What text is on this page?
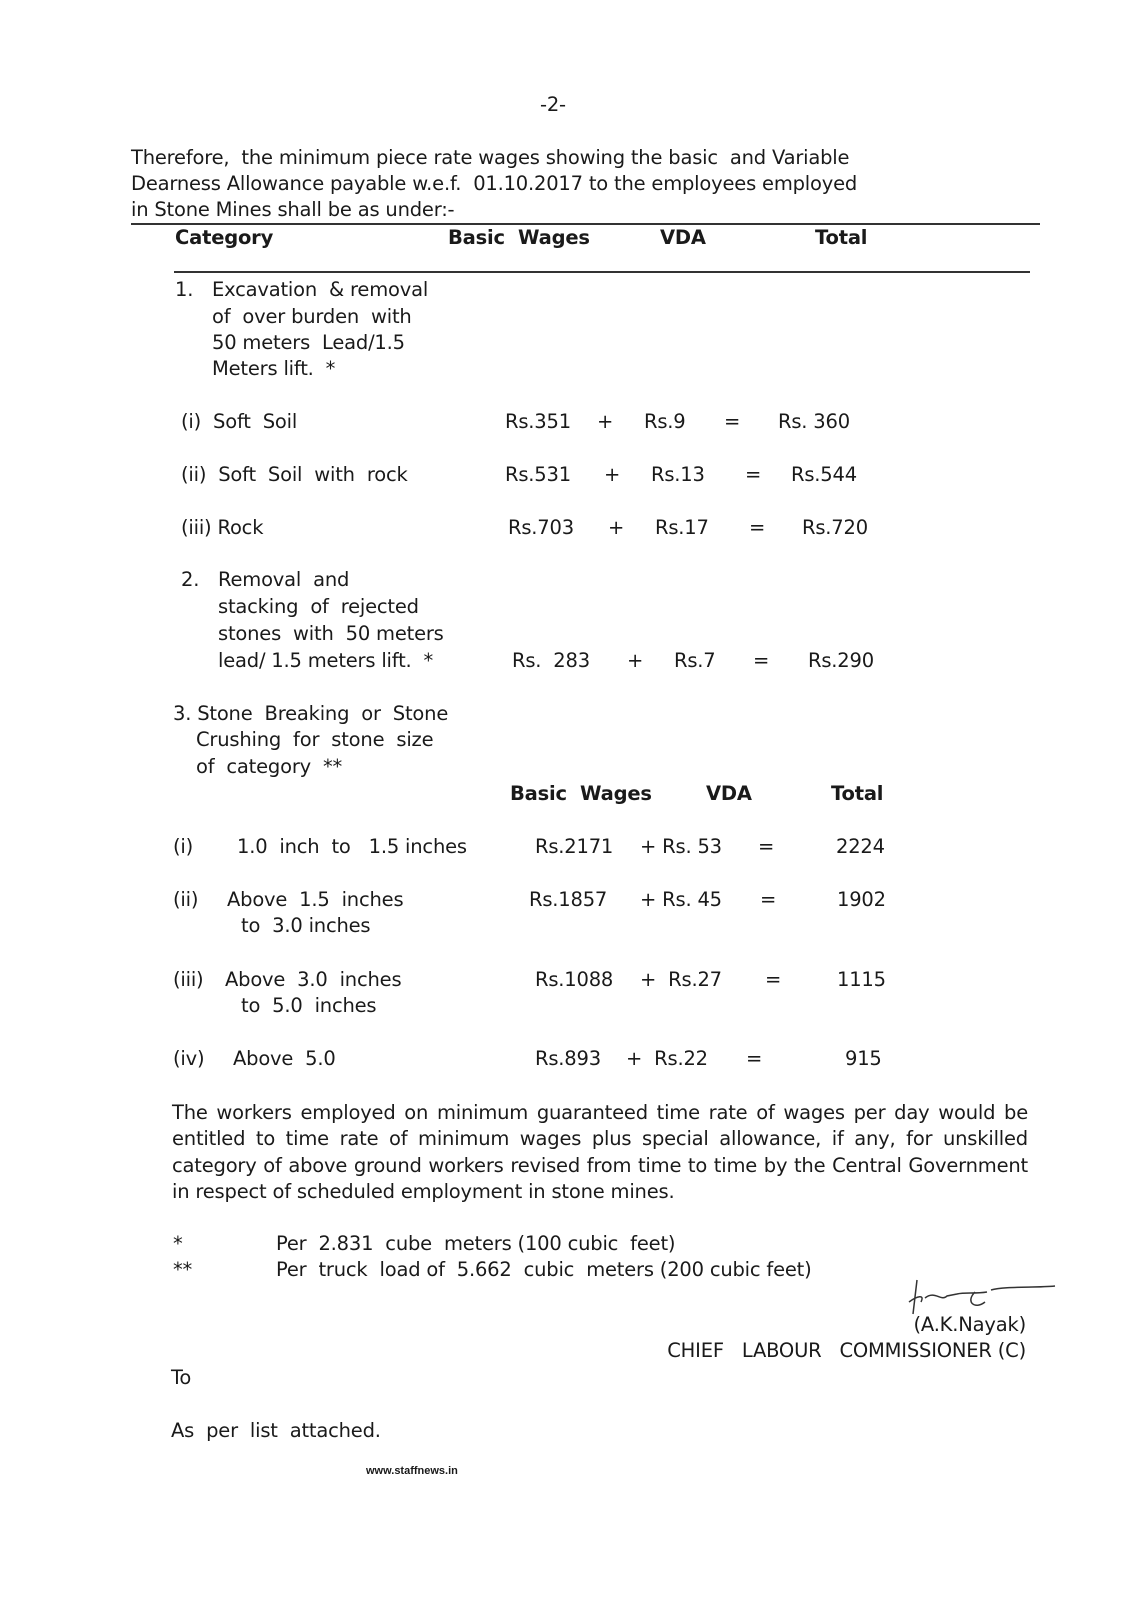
-2-
Therefore,  the minimum piece rate wages showing the basic  and Variable
Dearness Allowance payable w.e.f.  01.10.2017 to the employees employed
in Stone Mines shall be as under:-
Category	Basic  Wages	VDA	Total
1. Excavation  & removal
of  over burden  with
50 meters  Lead/1.5
Meters lift.  *
(i)  Soft  Soil	Rs.351 + Rs.9 = Rs. 360
(ii)  Soft  Soil  with  rock	Rs.531 + Rs.13 = Rs.544
(iii) Rock	Rs.703 + Rs.17 = Rs.720
2. Removal  and
stacking  of  rejected
stones  with  50 meters
lead/ 1.5 meters lift.  *	Rs.  283 + Rs.7 = Rs.290
3. Stone  Breaking  or  Stone
Crushing  for  stone  size
of  category  **
Basic  Wages	VDA	Total
(i) 1.0  inch  to   1.5 inches	Rs.2171 + Rs. 53 =	2224
(ii) Above  1.5  inches
to  3.0 inches
Rs.1857 + Rs. 45 =	1902
(iii) Above  3.0  inches
to  5.0  inches
Rs.1088 +  Rs.27 =	1115
(iv) Above  5.0	Rs.893 +  Rs.22 =	915
The workers employed on minimum guaranteed time rate of wages per day would be entitled to time rate of minimum wages plus special allowance, if any, for unskilled category of above ground workers revised from time to time by the Central Government in respect of scheduled employment in stone mines.
*	Per  2.831  cube  meters (100 cubic  feet)
**	Per  truck  load of  5.662  cubic  meters (200 cubic feet)
(A.K.Nayak)
CHIEF   LABOUR   COMMISSIONER (C)
To
As  per  list  attached.
www.staffnews.in
